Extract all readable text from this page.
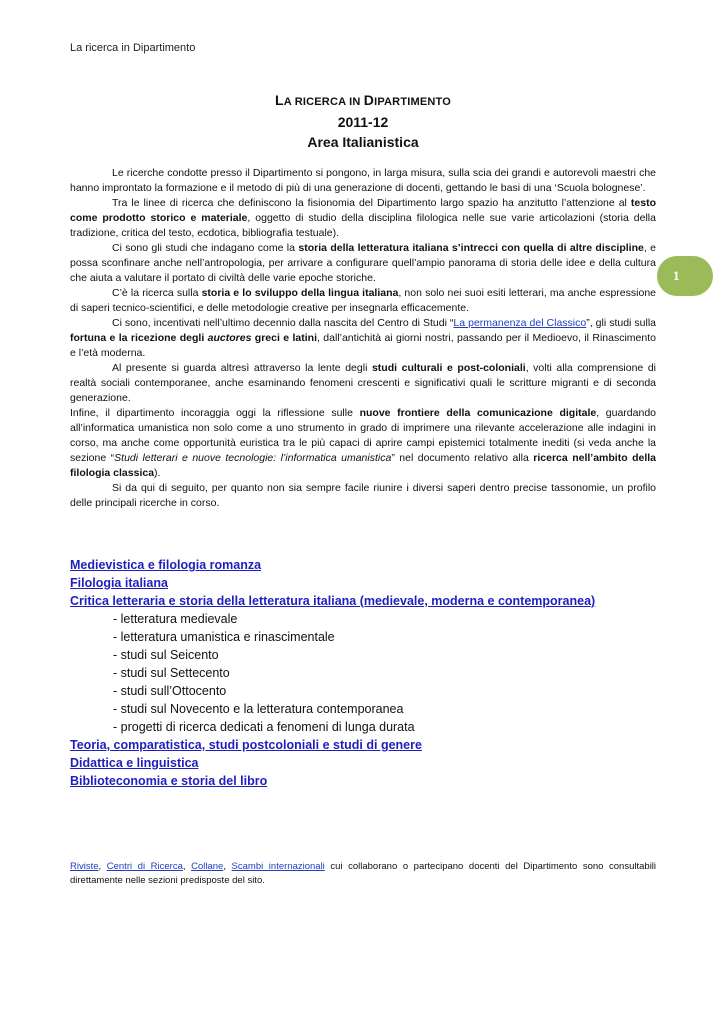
La ricerca in Dipartimento
1
LA RICERCA IN DIPARTIMENTO
2011-12
Area Italianistica

Le ricerche condotte presso il Dipartimento si pongono, in larga misura, sulla scia dei grandi e autorevoli maestri che hanno improntato la formazione e il metodo di più di una generazione di docenti, gettando le basi di una ‘Scuola bolognese’.

Tra le linee di ricerca che definiscono la fisionomia del Dipartimento largo spazio ha anzitutto l’attenzione al testo come prodotto storico e materiale, oggetto di studio della disciplina filologica nelle sue varie articolazioni (storia della tradizione, critica del testo, ecdotica, bibliografia testuale).

Ci sono gli studi che indagano come la storia della letteratura italiana s’intrecci con quella di altre discipline, e possa sconfinare anche nell’antropologia, per arrivare a configurare quell’ampio panorama di storia delle idee e della cultura che aiuta a valutare il portato di civiltà delle varie epoche storiche.

C’è la ricerca sulla storia e lo sviluppo della lingua italiana, non solo nei suoi esiti letterari, ma anche espressione di saperi tecnico-scientifici, e delle metodologie creative per insegnarla efficacemente.

Ci sono, incentivati nell’ultimo decennio dalla nascita del Centro di Studi “La permanenza del Classico”, gli studi sulla fortuna e la ricezione degli auctores greci e latini, dall’antichità ai giorni nostri, passando per il Medioevo, il Rinascimento e l’età moderna.

Al presente si guarda altresì attraverso la lente degli studi culturali e post-coloniali, volti alla comprensione di realtà sociali contemporanee, anche esaminando fenomeni crescenti e significativi quali le scritture migranti e di seconda generazione.

Infine, il dipartimento incoraggia oggi la riflessione sulle nuove frontiere della comunicazione digitale, guardando all’informatica umanistica non solo come a uno strumento in grado di imprimere una rilevante accelerazione alle indagini in corso, ma anche come opportunità euristica tra le più capaci di aprire campi epistemici totalmente inediti (si veda anche la sezione “Studi letterari e nuove tecnologie: l’informatica umanistica” nel documento relativo alla ricerca nell’ambito della filologia classica).

Si da qui di seguito, per quanto non sia sempre facile riunire i diversi saperi dentro precise tassonomie, un profilo delle principali ricerche in corso.

Medievistica e filologia romanza
Filologia italiana
Critica letteraria e storia della letteratura italiana (medievale, moderna e contemporanea)
- letteratura medievale
- letteratura umanistica e rinascimentale
- studi sul Seicento
- studi sul Settecento
- studi sull’Ottocento
- studi sul Novecento e la letteratura contemporanea
- progetti di ricerca dedicati a fenomeni di lunga durata
Teoria, comparatistica, studi postcoloniali e studi di genere
Didattica e linguistica
Biblioteconomia e storia del libro
Riviste, Centri di Ricerca, Collane, Scambi internazionali cui collaborano o partecipano docenti del Dipartimento sono consultabili direttamente nelle sezioni predisposte del sito.
